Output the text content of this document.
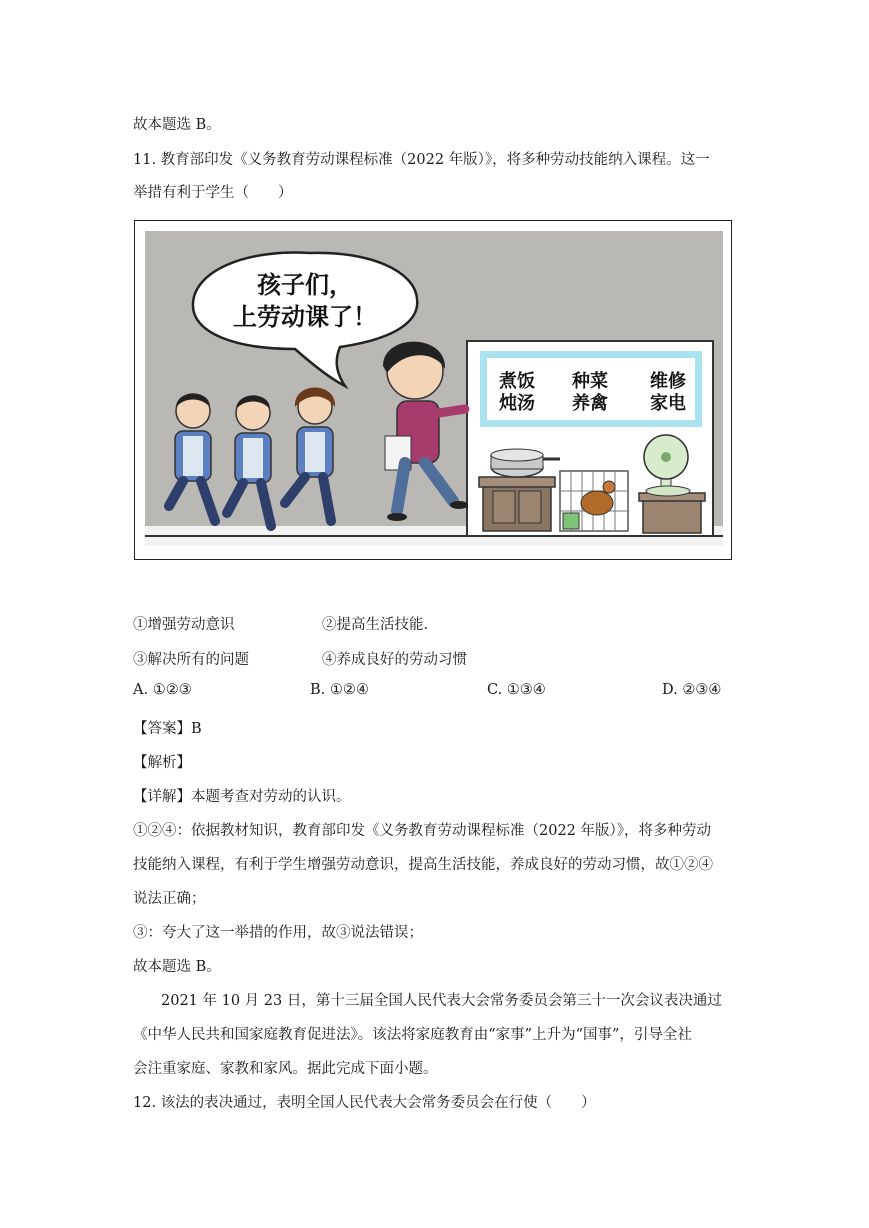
故本题选 B。
11. 教育部印发《义务教育劳动课程标准（2022 年版）》，将多种劳动技能纳入课程。这一
举措有利于学生（　　）
孩子们，
上劳动课了！
煮饭
炖汤
种菜
养禽
维修
家电
①增强劳动意识	②提高生活技能.
③解决所有的问题	④养成良好的劳动习惯
A. ①②③	B. ①②④	C. ①③④	D. ②③④
【答案】B
【解析】
【详解】本题考查对劳动的认识。
①②④：依据教材知识，教育部印发《义务教育劳动课程标准（2022 年版）》，将多种劳动
技能纳入课程，有利于学生增强劳动意识，提高生活技能，养成良好的劳动习惯，故①②④
说法正确；
③：夸大了这一举措的作用，故③说法错误；
故本题选 B。
2021 年 10 月 23 日，第十三届全国人民代表大会常务委员会第三十一次会议表决通过
《中华人民共和国家庭教育促进法》。该法将家庭教育由“家事”上升为“国事”，引导全社
会注重家庭、家教和家风。据此完成下面小题。
12. 该法的表决通过，表明全国人民代表大会常务委员会在行使（　　）
